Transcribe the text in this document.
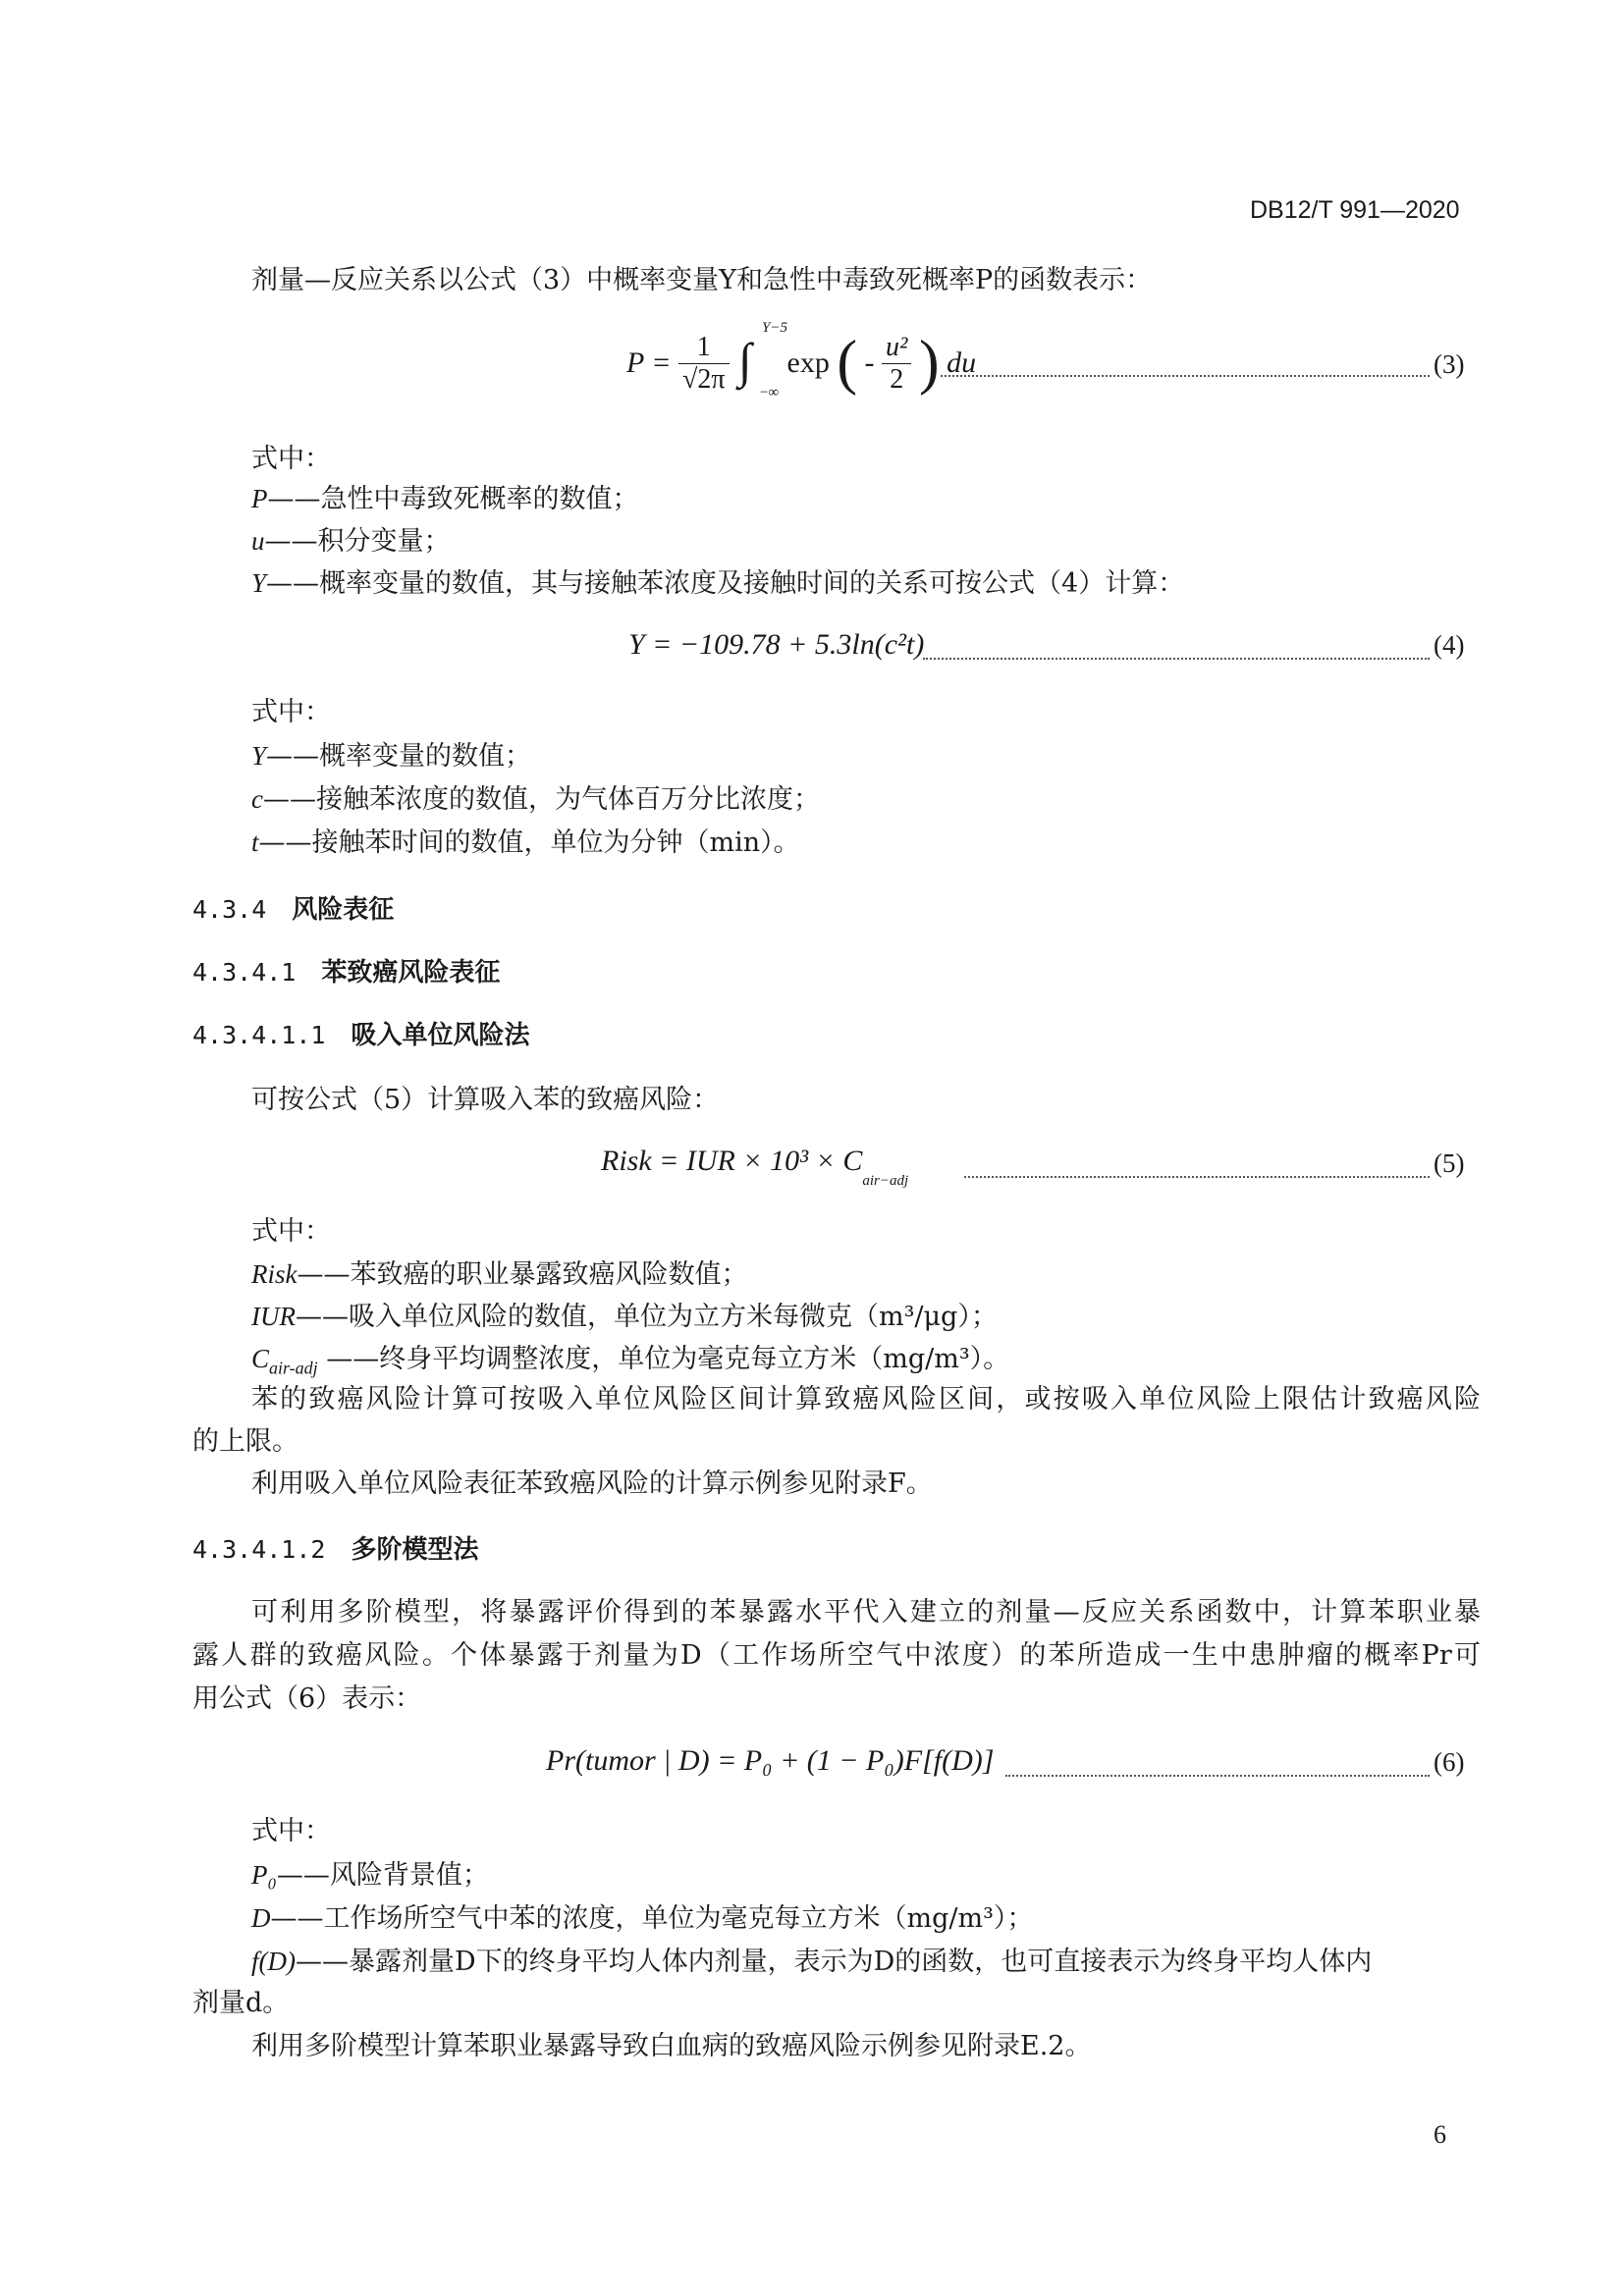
DB12/T 991—2020
剂量—反应关系以公式（3）中概率变量Y和急性中毒致死概率P的函数表示：
$P = \frac{1}{√2\pi}$
∫
Y−5
−∞
exp ( - $\frac{\text{u²}}{2}$ ) du	(3)
式中：
P——急性中毒致死概率的数值；
u——积分变量；
Y——概率变量的数值，其与接触苯浓度及接触时间的关系可按公式（4）计算：
Y = −109.78 + 5.3ln(c²t)	(4)
式中：
Y——概率变量的数值；
c——接触苯浓度的数值，为气体百万分比浓度；
t——接触苯时间的数值，单位为分钟（min）。
4.3.4 风险表征
4.3.4.1 苯致癌风险表征
4.3.4.1.1 吸入单位风险法
可按公式（5）计算吸入苯的致癌风险：
Risk = IUR × $10^3 \times C_{air-adj}$
(5)
式中：
Risk——苯致癌的职业暴露致癌风险数值；
IUR——吸入单位风险的数值，单位为立方米每微克（m³/μg）；
$C_{air-adj}$ ——终身平均调整浓度，单位为毫克每立方米（mg/m³）。
苯的致癌风险计算可按吸入单位风险区间计算致癌风险区间，或按吸入单位风险上限估计致癌风险
的上限。
利用吸入单位风险表征苯致癌风险的计算示例参见附录F。
4.3.4.1.2 多阶模型法
可利用多阶模型，将暴露评价得到的苯暴露水平代入建立的剂量—反应关系函数中，计算苯职业暴
露人群的致癌风险。个体暴露于剂量为D（工作场所空气中浓度）的苯所造成一生中患肿瘤的概率Pr可
用公式（6）表示：
Pr(tumor | D) = P₀ + (1 − P₀)F[f(D)]	(6)
式中：
P₀——风险背景值；
D——工作场所空气中苯的浓度，单位为毫克每立方米（mg/m³）；
f(D)——暴露剂量D下的终身平均人体内剂量，表示为D的函数，也可直接表示为终身平均人体内
剂量d。
利用多阶模型计算苯职业暴露导致白血病的致癌风险示例参见附录E.2。
6
